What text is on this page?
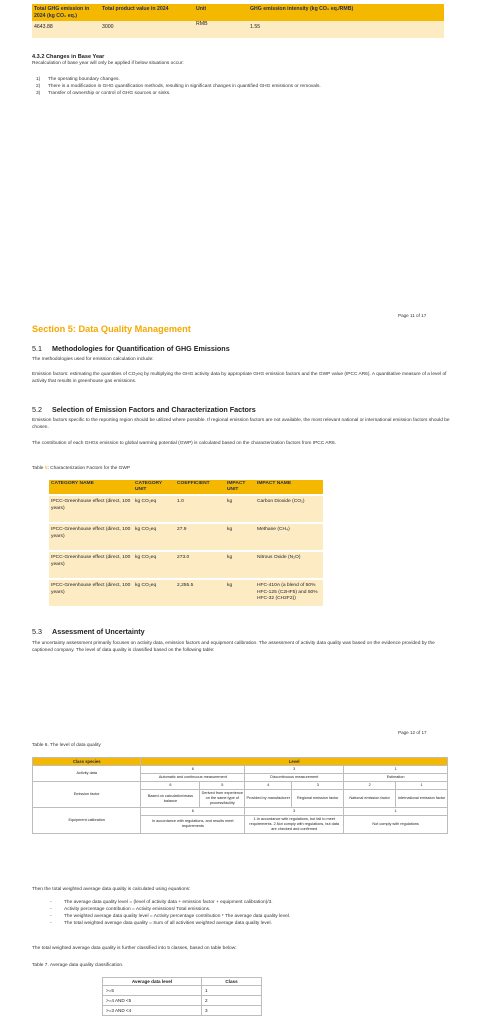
Total GHG emission in 2024 (kg CO₂ eq.)	Total product value in 2024	Unit	GHG emission intensity (kg CO₂ eq./RMB)
4643.88	3000	RMB	1.55
4.3.2 Changes in Base Year
Recalculation of base year will only be applied if below situations occur:
1) The operating boundary changes.
2) There is a modification in GHG quantification methods, resulting in significant changes in quantified GHG emissions or removals.
3) Transfer of ownership or control of GHG sources or sinks.
Page 11 of 17
Section 5: Data Quality Management
5.1 Methodologies for Quantification of GHG Emissions
The methodologies used for emission calculation include:
Emission factors: estimating the quantities of CO₂eq by multiplying the GHG activity data by appropriate GHG emission factors and the GWP value (IPCC AR6). A quantitative measure of a level of activity that results in greenhouse gas emissions.
5.2 Selection of Emission Factors and Characterization Factors
Emission factors specific to the reporting region should be utilized where possible. If regional emission factors are not available, the most relevant national or international emission factors should be chosen.
The contribution of each GHGs emission to global warming potential (GWP) is calculated based on the characterization factors from IPCC AR6.
Table 5: Characterization Factors for the GWP
CATEGORY NAME	CATEGORY UNIT	COEFFICIENT	IMPACT UNIT	IMPACT NAME

IPCC-Greenhouse effect (direct, 100 years)	kg CO₂eq	1.0	kg	Carbon Dioxide (CO₂)

IPCC-Greenhouse effect (direct, 100 years)	kg CO₂eq	27.9	kg	Methane (CH₄)

IPCC-Greenhouse effect (direct, 100 years)	kg CO₂eq	273.0	kg	Nitrous Oxide (N₂O)

IPCC-Greenhouse effect (direct, 100 years)	kg CO₂eq	2,255.5	kg	HFC-410A (a blend of 50% HFC-125 (C2HF5) and 50% HFC-32 (CH2F2))
5.3 Assessment of Uncertainty
The uncertainty assessment primarily focuses on activity data, emission factors and equipment calibration. The assessment of activity data quality was based on the evidence provided by the captioned company. The level of data quality is classified based on the following table:
Page 12 of 17
Table 6. The level of data quality
Class species	Level					
Activity data	6		3		1	
	Automatic and continuous measurement		Discontinuous measurement		Estimation	
Emission factor	6	5	4	3	2	1
	Based on calculation/mass balance	Derived from experience on the same type of process/facility	Provided by manufacturer	Regional emission factor	National emission factor	International emission factor
Equipment calibration	6		3		1	
	In accordance with regulations, and results meet requirements		1.In accordance with regulations, but fail to meet requirements. 2.Not comply with regulations, but data are checked and confirmed		Not comply with regulations	
Then the total weighted average data quality is calculated using equations:
-	The average data quality level = (level of activity data + emission factor + equipment calibration)/3.
-	Activity percentage contribution = Activity emissions/ Total emissions.
-	The weighted average data quality level = Activity percentage contribution * The average data quality level.
-	The total weighted average data quality = Sum of all activities weighted average data quality level.
The total weighted average data quality is further classified into 5 classes, based on table below:
Table 7. Average data quality classification.
Average data level	Class
>=5	1
>=4 AND <5	2
>=3 AND <4	3
